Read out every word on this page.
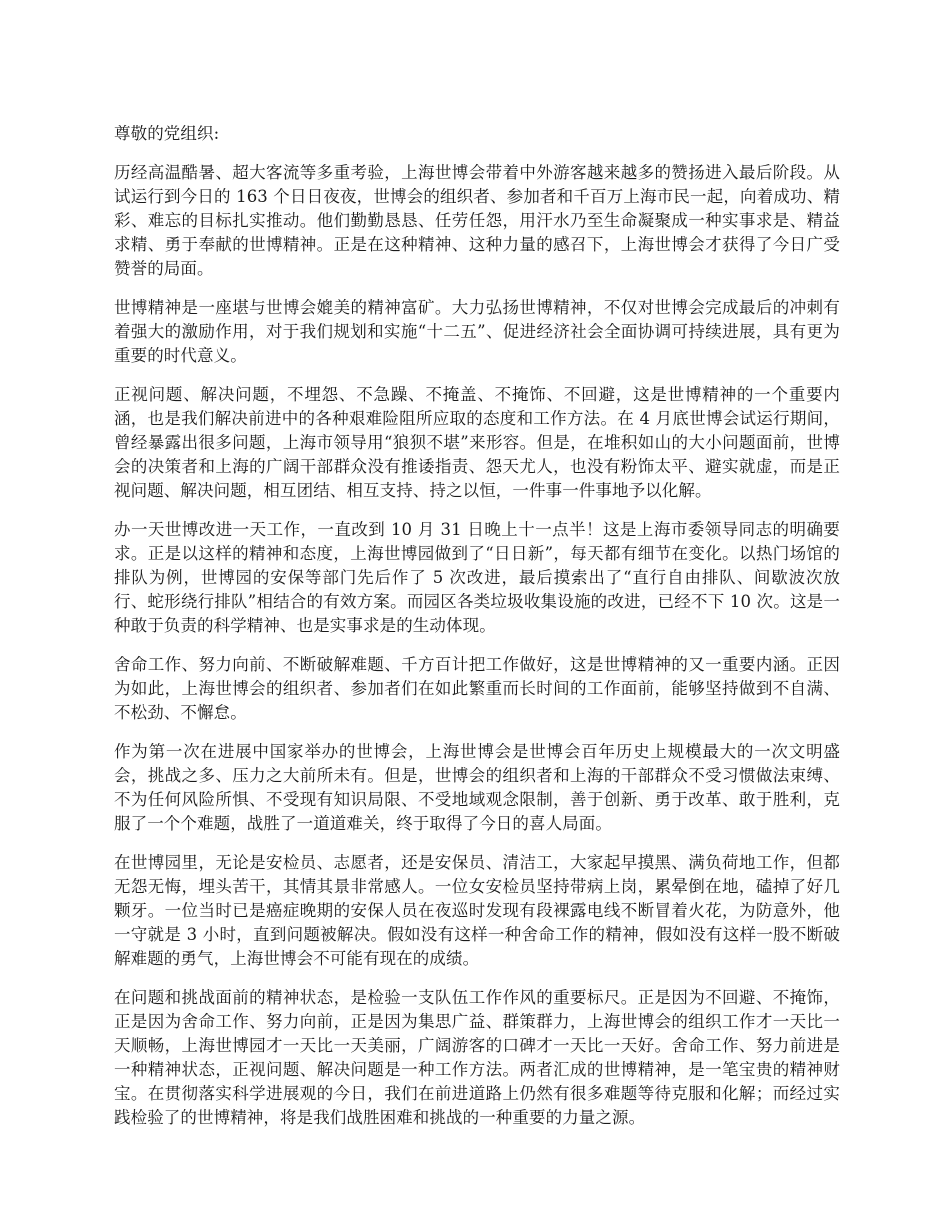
尊敬的党组织:

历经高温酷暑、超大客流等多重考验，上海世博会带着中外游客越来越多的赞扬进入最后阶段。从试运行到今日的 163 个日日夜夜，世博会的组织者、参加者和千百万上海市民一起，向着成功、精彩、难忘的目标扎实推动。他们勤勤恳恳、任劳任怨，用汗水乃至生命凝聚成一种实事求是、精益求精、勇于奉献的世博精神。正是在这种精神、这种力量的感召下，上海世博会才获得了今日广受赞誉的局面。

世博精神是一座堪与世博会媲美的精神富矿。大力弘扬世博精神，不仅对世博会完成最后的冲刺有着强大的激励作用，对于我们规划和实施“十二五”、促进经济社会全面协调可持续进展，具有更为重要的时代意义。

正视问题、解决问题，不埋怨、不急躁、不掩盖、不掩饰、不回避，这是世博精神的一个重要内涵，也是我们解决前进中的各种艰难险阻所应取的态度和工作方法。在 4 月底世博会试运行期间，曾经暴露出很多问题，上海市领导用“狼狈不堪”来形容。但是，在堆积如山的大小问题面前，世博会的决策者和上海的广阔干部群众没有推诿指责、怨天尤人，也没有粉饰太平、避实就虚，而是正视问题、解决问题，相互团结、相互支持、持之以恒，一件事一件事地予以化解。

办一天世博改进一天工作，一直改到 10 月 31 日晚上十一点半！这是上海市委领导同志的明确要求。正是以这样的精神和态度，上海世博园做到了“日日新”，每天都有细节在变化。以热门场馆的排队为例，世博园的安保等部门先后作了 5 次改进，最后摸索出了“直行自由排队、间歇波次放行、蛇形绕行排队”相结合的有效方案。而园区各类垃圾收集设施的改进，已经不下 10 次。这是一种敢于负责的科学精神、也是实事求是的生动体现。

舍命工作、努力向前、不断破解难题、千方百计把工作做好，这是世博精神的又一重要内涵。正因为如此，上海世博会的组织者、参加者们在如此繁重而长时间的工作面前，能够坚持做到不自满、不松劲、不懈怠。

作为第一次在进展中国家举办的世博会，上海世博会是世博会百年历史上规模最大的一次文明盛会，挑战之多、压力之大前所未有。但是，世博会的组织者和上海的干部群众不受习惯做法束缚、不为任何风险所惧、不受现有知识局限、不受地域观念限制，善于创新、勇于改革、敢于胜利，克服了一个个难题，战胜了一道道难关，终于取得了今日的喜人局面。

在世博园里，无论是安检员、志愿者，还是安保员、清洁工，大家起早摸黑、满负荷地工作，但都无怨无悔，埋头苦干，其情其景非常感人。一位女安检员坚持带病上岗，累晕倒在地，磕掉了好几颗牙。一位当时已是癌症晚期的安保人员在夜巡时发现有段裸露电线不断冒着火花，为防意外，他一守就是 3 小时，直到问题被解决。假如没有这样一种舍命工作的精神，假如没有这样一股不断破解难题的勇气，上海世博会不可能有现在的成绩。

在问题和挑战面前的精神状态，是检验一支队伍工作作风的重要标尺。正是因为不回避、不掩饰，正是因为舍命工作、努力向前，正是因为集思广益、群策群力，上海世博会的组织工作才一天比一天顺畅，上海世博园才一天比一天美丽，广阔游客的口碑才一天比一天好。舍命工作、努力前进是一种精神状态，正视问题、解决问题是一种工作方法。两者汇成的世博精神，是一笔宝贵的精神财宝。在贯彻落实科学进展观的今日，我们在前进道路上仍然有很多难题等待克服和化解；而经过实践检验了的世博精神，将是我们战胜困难和挑战的一种重要的力量之源。
